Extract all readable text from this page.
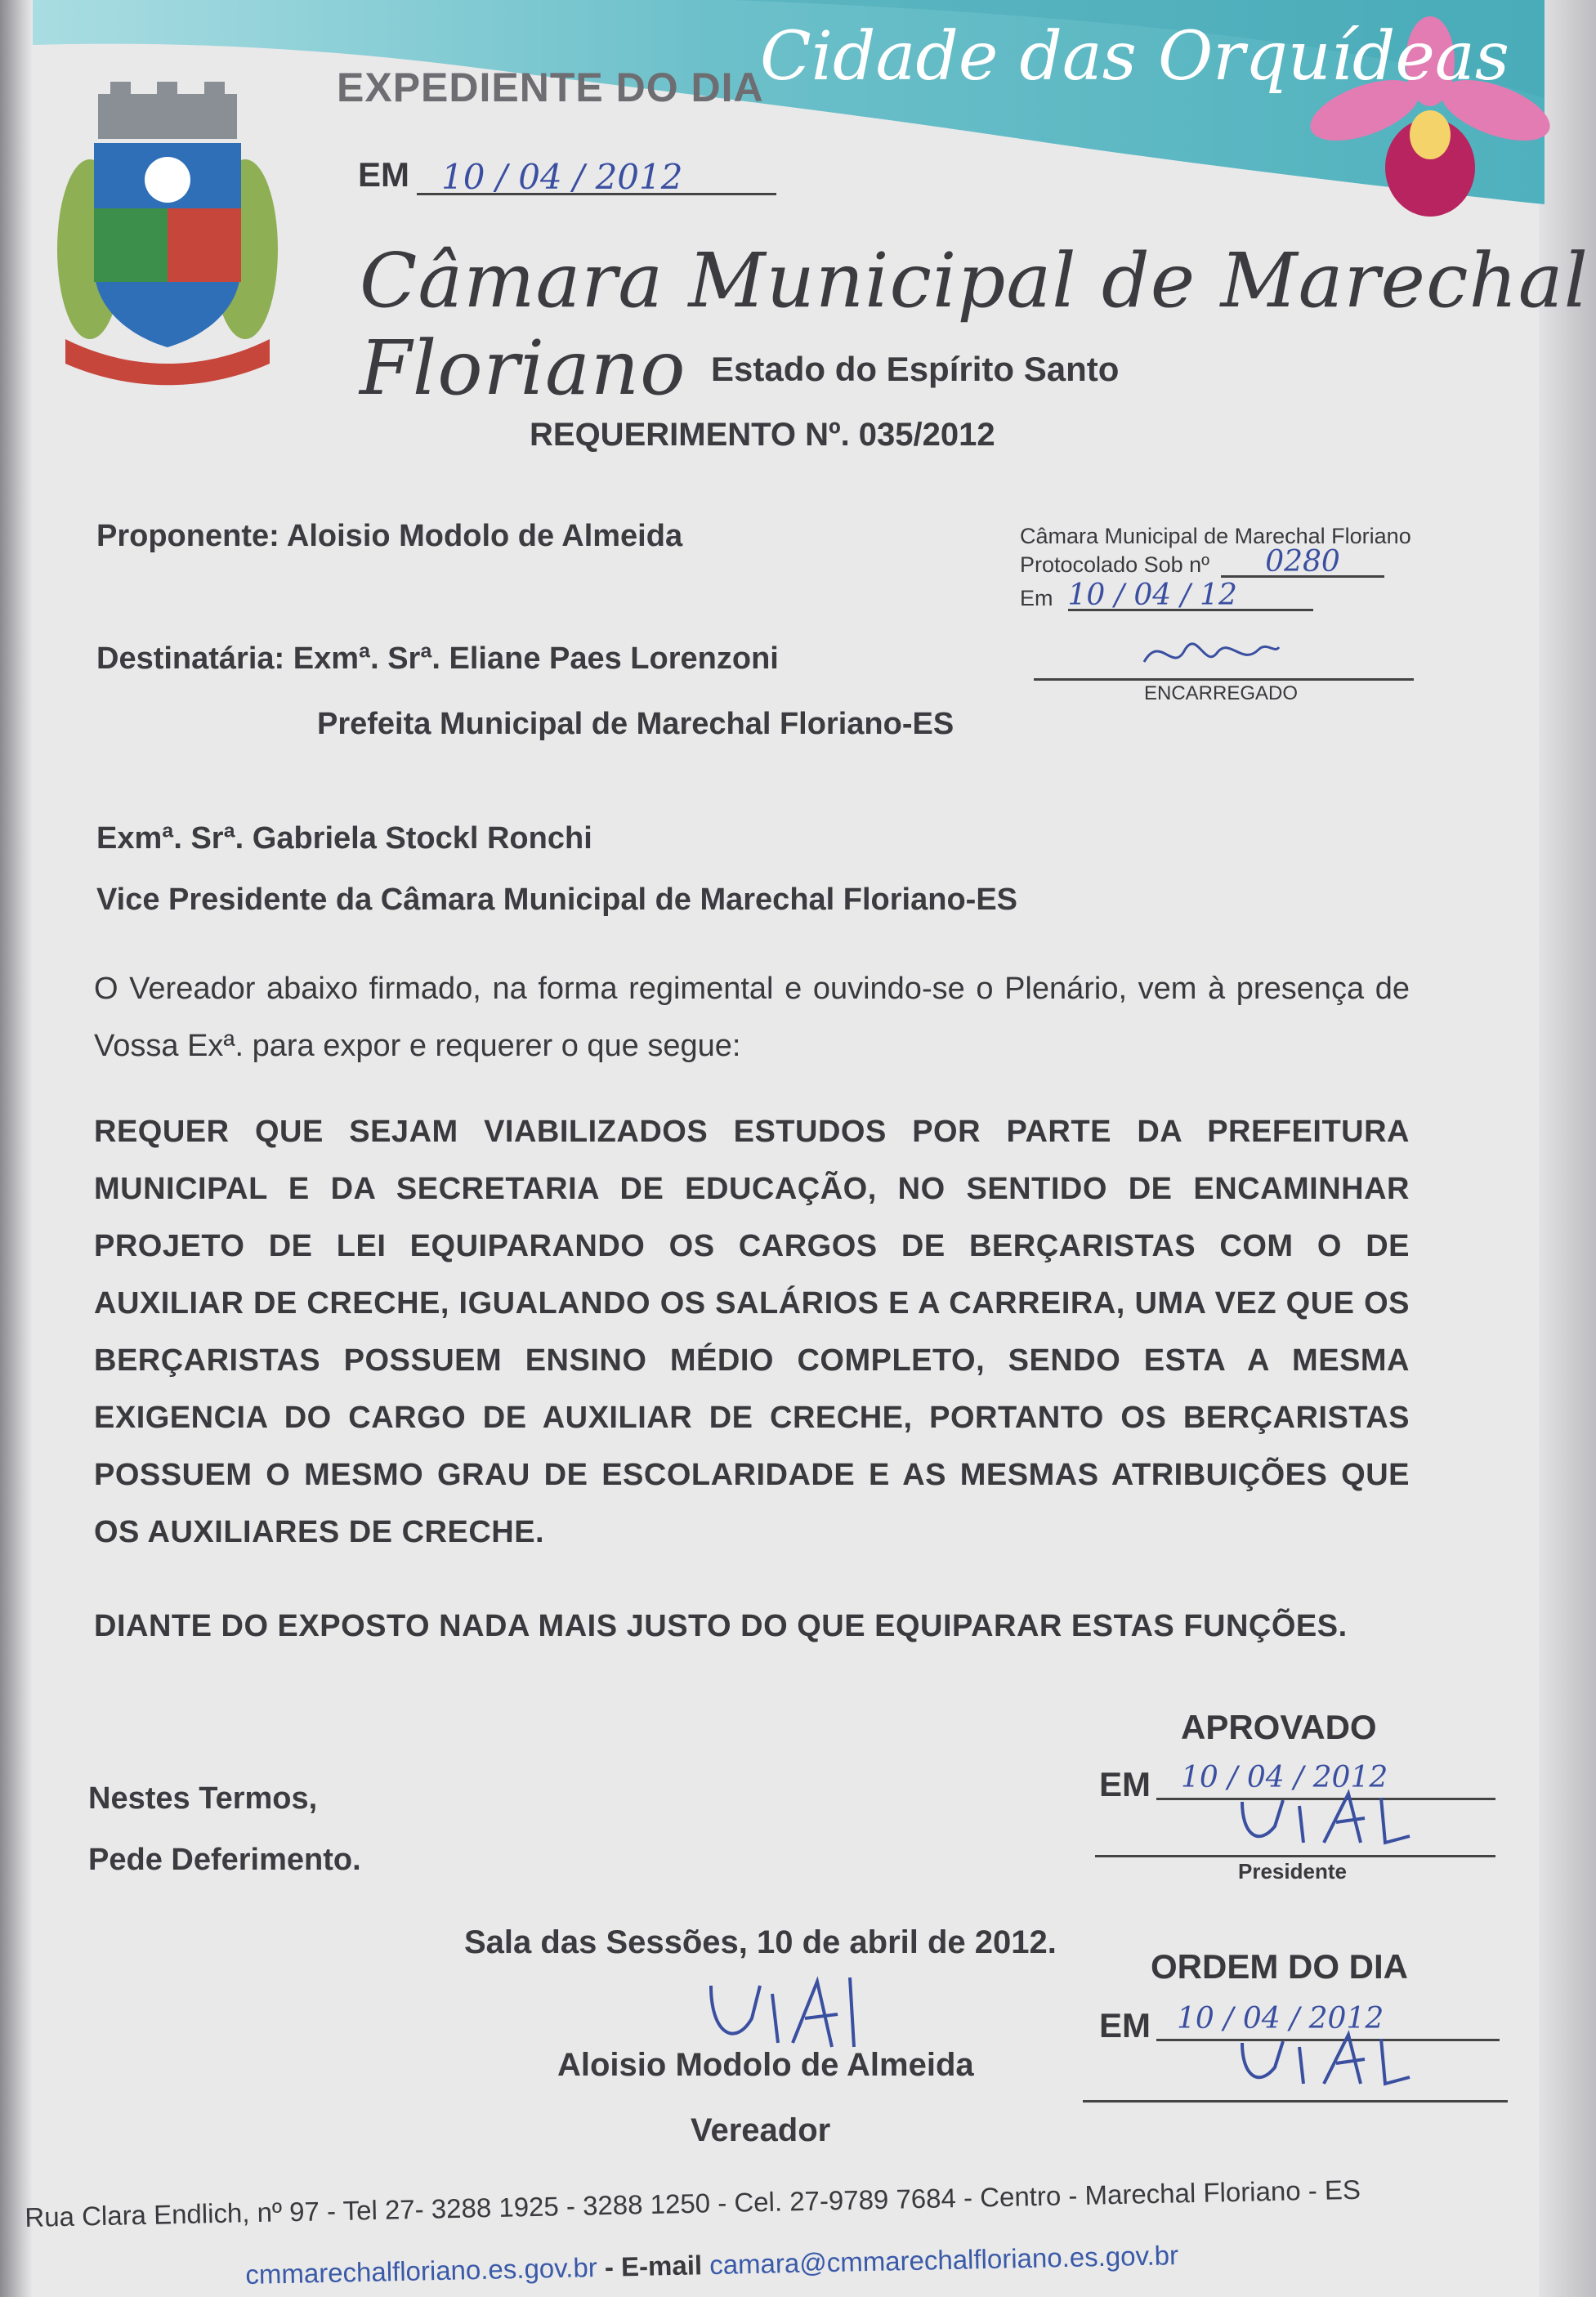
EXPEDIENTE DO DIA
Cidade das Orquídeas
EM 10 / 04 / 2012
Câmara Municipal de Marechal Floriano Estado do Espírito Santo
REQUERIMENTO Nº. 035/2012
Câmara Municipal de Marechal Floriano
Protocolado Sob nº	0280
Em 10 / 04 / 12
ENCARREGADO
Proponente: Aloisio Modolo de Almeida
Destinatária: Exmª. Srª. Eliane Paes Lorenzoni
Prefeita Municipal de Marechal Floriano-ES
Exmª. Srª. Gabriela Stockl Ronchi
Vice Presidente da Câmara Municipal de Marechal Floriano-ES
O Vereador abaixo firmado, na forma regimental e ouvindo-se o Plenário, vem à presença de Vossa Exª. para expor e requerer o que segue:
REQUER QUE SEJAM VIABILIZADOS ESTUDOS POR PARTE DA PREFEITURA MUNICIPAL E DA SECRETARIA DE EDUCAÇÃO, NO SENTIDO DE ENCAMINHAR PROJETO DE LEI EQUIPARANDO OS CARGOS DE BERÇARISTAS COM O DE AUXILIAR DE CRECHE, IGUALANDO OS SALÁRIOS E A CARREIRA, UMA VEZ QUE OS BERÇARISTAS POSSUEM ENSINO MÉDIO COMPLETO, SENDO ESTA A MESMA EXIGENCIA DO CARGO DE AUXILIAR DE CRECHE, PORTANTO OS BERÇARISTAS POSSUEM O MESMO GRAU DE ESCOLARIDADE E AS MESMAS ATRIBUIÇÕES QUE OS AUXILIARES DE CRECHE.
DIANTE DO EXPOSTO NADA MAIS JUSTO DO QUE EQUIPARAR ESTAS FUNÇÕES.
Nestes Termos,
Pede Deferimento.
APROVADO
EM 10 / 04 / 2012
Presidente
ORDEM DO DIA
EM 10 / 04 / 2012
Sala das Sessões, 10 de abril de 2012.
Aloisio Modolo de Almeida
Vereador
Rua Clara Endlich, nº 97 - Tel 27- 3288 1925 - 3288 1250 - Cel. 27-9789 7684 - Centro - Marechal Floriano - ES
cmmarechalfloriano.es.gov.br - E-mail camara@cmmarechalfloriano.es.gov.br
